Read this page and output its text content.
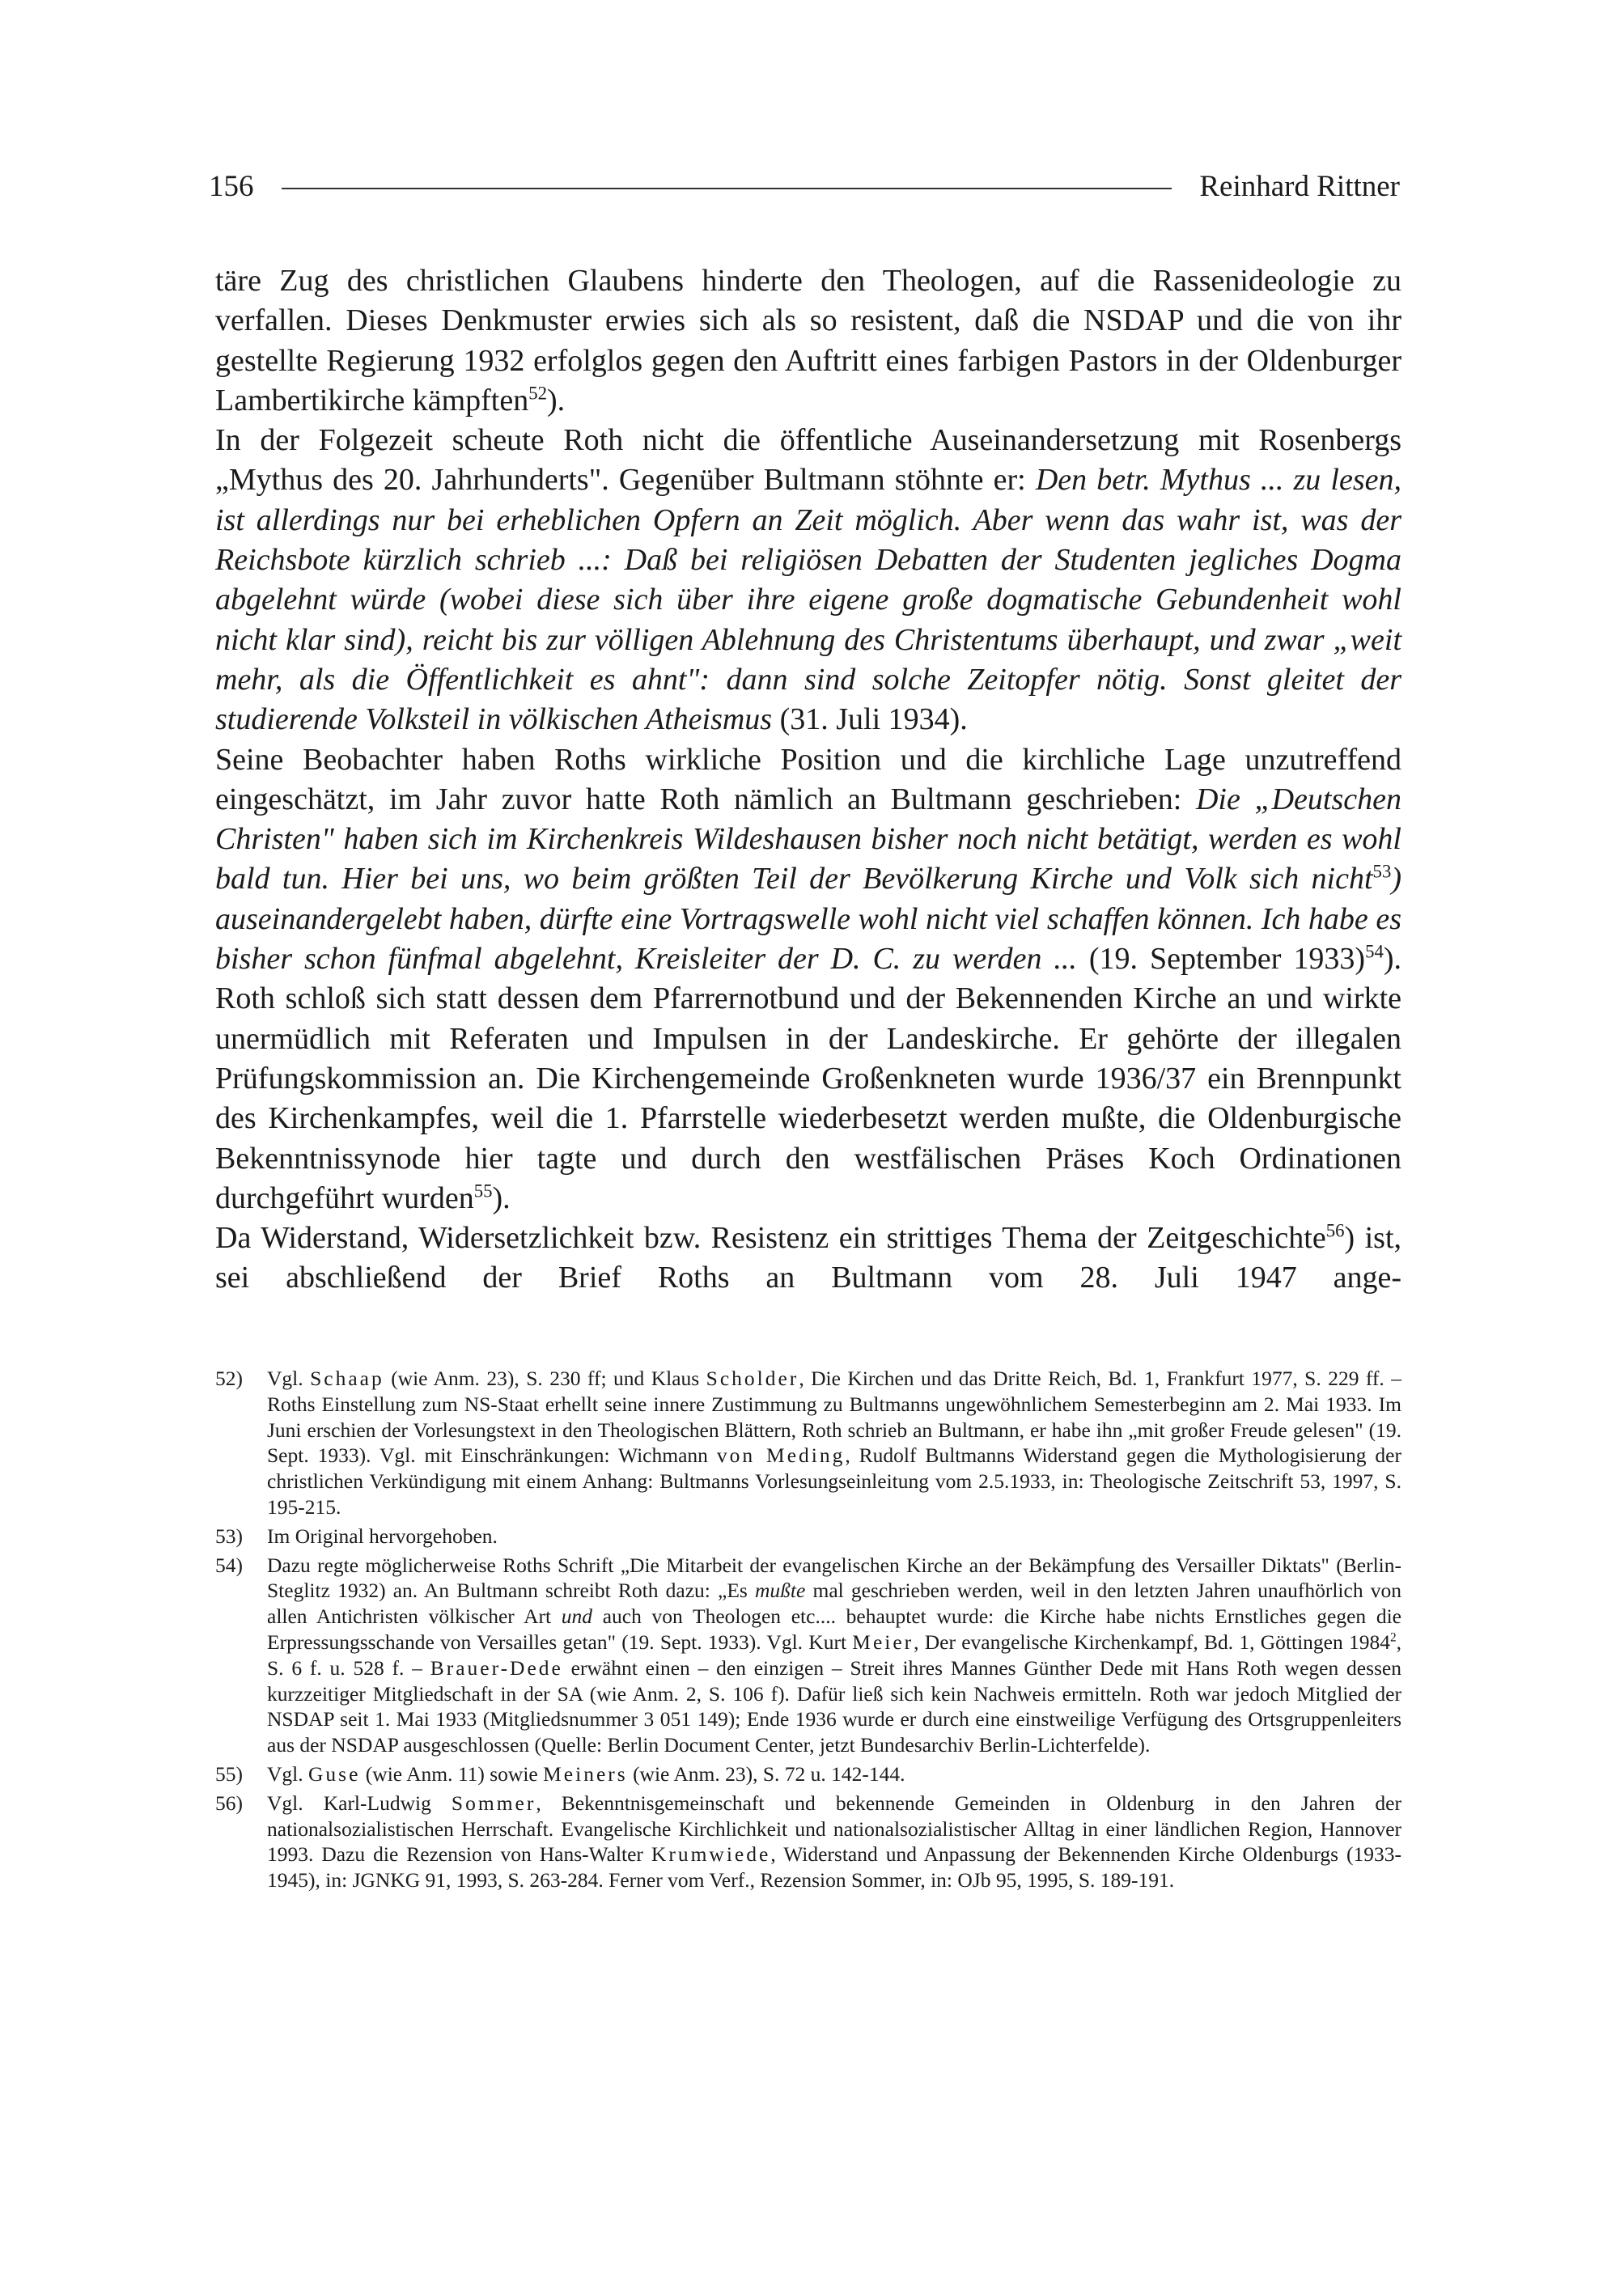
156	Reinhard Rittner

täre Zug des christlichen Glaubens hinderte den Theologen, auf die Rassenideologie zu verfallen. Dieses Denkmuster erwies sich als so resistent, daß die NSDAP und die von ihr gestellte Regierung 1932 erfolglos gegen den Auftritt eines farbigen Pastors in der Oldenburger Lambertikirche kämpften$^{52}$).

In der Folgezeit scheute Roth nicht die öffentliche Auseinandersetzung mit Rosenbergs „Mythus des 20. Jahrhunderts". Gegenüber Bultmann stöhnte er: Den betr. Mythus ... zu lesen, ist allerdings nur bei erheblichen Opfern an Zeit möglich. Aber wenn das wahr ist, was der Reichsbote kürzlich schrieb ...: Daß bei religiösen Debatten der Studenten jegliches Dogma abgelehnt würde (wobei diese sich über ihre eigene große dogmatische Gebundenheit wohl nicht klar sind), reicht bis zur völligen Ablehnung des Christentums überhaupt, und zwar „weit mehr, als die Öffentlichkeit es ahnt": dann sind solche Zeitopfer nötig. Sonst gleitet der studierende Volksteil in völkischen Atheismus (31. Juli 1934).

Seine Beobachter haben Roths wirkliche Position und die kirchliche Lage unzutreffend eingeschätzt, im Jahr zuvor hatte Roth nämlich an Bultmann geschrieben: Die „Deutschen Christen" haben sich im Kirchenkreis Wildeshausen bisher noch nicht betätigt, werden es wohl bald tun. Hier bei uns, wo beim größten Teil der Bevölkerung Kirche und Volk sich nicht$^{53}$) auseinandergelebt haben, dürfte eine Vortragswelle wohl nicht viel schaffen können. Ich habe es bisher schon fünfmal abgelehnt, Kreisleiter der D. C. zu werden ... (19. September 1933)$^{54}$). Roth schloß sich statt dessen dem Pfarrernotbund und der Bekennenden Kirche an und wirkte unermüdlich mit Referaten und Impulsen in der Landeskirche. Er gehörte der illegalen Prüfungskommission an. Die Kirchengemeinde Großenkneten wurde 1936/37 ein Brennpunkt des Kirchenkampfes, weil die 1. Pfarrstelle wiederbesetzt werden mußte, die Oldenburgische Bekenntnissynode hier tagte und durch den westfälischen Präses Koch Ordinationen durchgeführt wurden$^{55}$).

Da Widerstand, Widersetzlichkeit bzw. Resistenz ein strittiges Thema der Zeitgeschichte$^{56}$) ist, sei abschließend der Brief Roths an Bultmann vom 28. Juli 1947 ange-

52)	Vgl. Schaap (wie Anm. 23), S. 230 ff; und Klaus Scholder, Die Kirchen und das Dritte Reich, Bd. 1, Frankfurt 1977, S. 229 ff. – Roths Einstellung zum NS-Staat erhellt seine innere Zustimmung zu Bultmanns ungewöhnlichem Semesterbeginn am 2. Mai 1933. Im Juni erschien der Vorlesungstext in den Theologischen Blättern, Roth schrieb an Bultmann, er habe ihn „mit großer Freude gelesen" (19. Sept. 1933). Vgl. mit Einschränkungen: Wichmann von Meding, Rudolf Bultmanns Widerstand gegen die Mythologisierung der christlichen Verkündigung mit einem Anhang: Bultmanns Vorlesungseinleitung vom 2.5.1933, in: Theologische Zeitschrift 53, 1997, S. 195-215.
53)	Im Original hervorgehoben.
54)	Dazu regte möglicherweise Roths Schrift „Die Mitarbeit der evangelischen Kirche an der Bekämpfung des Versailler Diktats" (Berlin-Steglitz 1932) an. An Bultmann schreibt Roth dazu: „Es mußte mal geschrieben werden, weil in den letzten Jahren unaufhörlich von allen Antichristen völkischer Art und auch von Theologen etc.... behauptet wurde: die Kirche habe nichts Ernstliches gegen die Erpressungsschande von Versailles getan" (19. Sept. 1933). Vgl. Kurt Meier, Der evangelische Kirchenkampf, Bd. 1, Göttingen 1984$^2$, S. 6 f. u. 528 f. – Brauer-Dede erwähnt einen – den einzigen – Streit ihres Mannes Günther Dede mit Hans Roth wegen dessen kurzzeitiger Mitgliedschaft in der SA (wie Anm. 2, S. 106 f). Dafür ließ sich kein Nachweis ermitteln. Roth war jedoch Mitglied der NSDAP seit 1. Mai 1933 (Mitgliedsnummer 3 051 149); Ende 1936 wurde er durch eine einstweilige Verfügung des Ortsgruppenleiters aus der NSDAP ausgeschlossen (Quelle: Berlin Document Center, jetzt Bundesarchiv Berlin-Lichterfelde).
55)	Vgl. Guse (wie Anm. 11) sowie Meiners (wie Anm. 23), S. 72 u. 142-144.
56)	Vgl. Karl-Ludwig Sommer, Bekenntnisgemeinschaft und bekennende Gemeinden in Oldenburg in den Jahren der nationalsozialistischen Herrschaft. Evangelische Kirchlichkeit und nationalsozialistischer Alltag in einer ländlichen Region, Hannover 1993. Dazu die Rezension von Hans-Walter Krumwiede, Widerstand und Anpassung der Bekennenden Kirche Oldenburgs (1933-1945), in: JGNKG 91, 1993, S. 263-284. Ferner vom Verf., Rezension Sommer, in: OJb 95, 1995, S. 189-191.
